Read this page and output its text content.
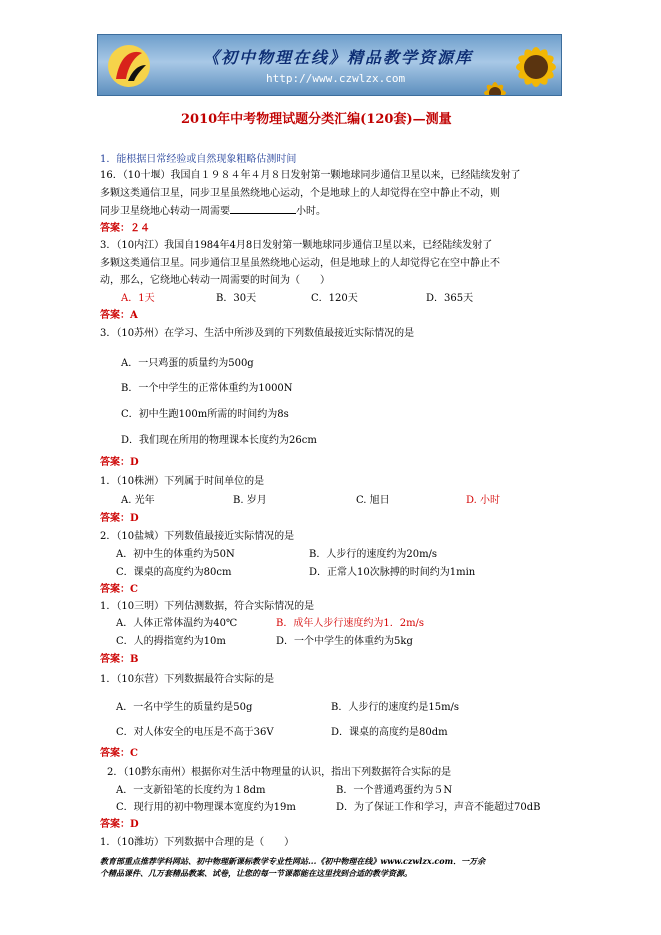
《初中物理在线》精品教学资源库
http://www.czwlzx.com
2010年中考物理试题分类汇编(120套)—测量
1．能根据日常经验或自然现象粗略估测时间
16．（10十堰）我国自１９８４年４月８日发射第一颗地球同步通信卫星以来，已经陆续发射了
多颗这类通信卫星，同步卫星虽然绕地心运动，个是地球上的人却觉得在空中静止不动，则
同步卫星绕地心转动一周需要	小时。
答案：２４
3．（10内江）我国自1984年4月8日发射第一颗地球同步通信卫星以来，已经陆续发射了
多颗这类通信卫星。同步通信卫星虽然绕地心运动，但是地球上的人却觉得它在空中静止不
动，那么，它绕地心转动一周需要的时间为（　　）
A．1天	B．30天	C．120天	D．365天
答案：A
3．（10苏州）在学习、生活中所涉及到的下列数值最接近实际情况的是
A．一只鸡蛋的质量约为500g
B．一个中学生的正常体重约为1000N
C．初中生跑100m所需的时间约为8s
D．我们现在所用的物理课本长度约为26cm
答案：D
1．（10株洲）下列属于时间单位的是
A. 光年	B. 岁月	C. 旭日	D. 小时
答案：D
2．（10盐城）下列数值最接近实际情况的是
A．初中生的体重约为50N	B．人步行的速度约为20m/s
C．课桌的高度约为80cm	D．正常人10次脉搏的时间约为1min
答案：C
1．（10三明）下列估测数据，符合实际情况的是
A．人体正常体温约为40℃	B．成年人步行速度约为1．2m/s
C．人的拇指宽约为10m	D．一个中学生的体重约为5kg
答案：B
1．（10东营）下列数据最符合实际的是
A．一名中学生的质量约是50g	B．人步行的速度约是15m/s
C．对人体安全的电压是不高于36V	D．课桌的高度约是80dm
答案：C
2．（10黔东南州）根据你对生活中物理量的认识，指出下列数据符合实际的是
A．一支新铅笔的长度约为１8dm	B．一个普通鸡蛋约为５N
C．现行用的初中物理课本宽度约为19m	D．为了保证工作和学习，声音不能超过70dB
答案：D
1．（10潍坊）下列数据中合理的是（　　）
教育部重点推荐学科网站、初中物理新课标教学专业性网站...《初中物理在线》www.czwlzx.com．一万余
个精品课件、几万套精品教案、试卷，让您的每一节课都能在这里找到合适的教学资源。
